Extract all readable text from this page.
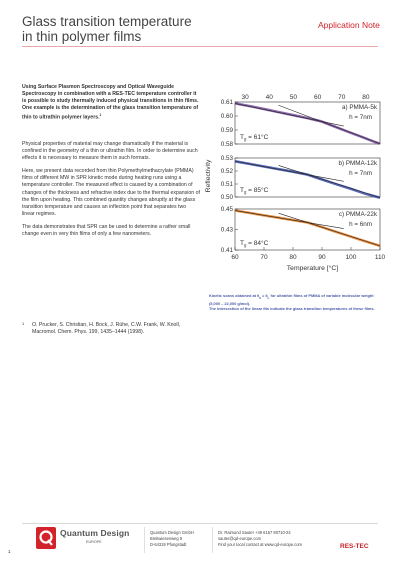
Glass transition temperature
in thin polymer films
Application Note
Using Surface Plasmon Spectroscopy and Optical Waveguide Spectroscopy in combination with a RES-TEC temperature controller it is possible to study thermally induced physical transitions in thin films. One example is the determination of the glass transition temperature of thin to ultrathin polymer layers.$^1$

Physical properties of material may change dramatically if the material is confined in the geometry of a thin or ultrathin film. In order to determine such effects it is necessary to measure them in such formats.

Here, we present data recorded from thin Polymethylmethacrylate (PMMA) films of different MW in SPR kinetic mode during heating runs using a temperature controller. The measured effect is caused by a combination of changes of the thickness and refractive index due to the thermal expansion of the film upon heating. This combined quantity changes abruptly at the glass transition temperature and causes an inflection point that separates two linear regimes.

The data demonstrates that SPR can be used to determine a rather small change even in very thin films of only a few nanometers.

1 O. Prucker, S. Christian, H. Bock, J. Rühe, C.W. Frank, W. Knoll, Macromol. Chem. Phys. 199, 1435–1444 (1998).
30	40	50	60	70	80
0.61
0.60
0.59
0.58
a) PMMA-5k
h = 7nm
$T_g = 61^\circ C$
0.53
0.52
0.51
0.50
b) PMMA-12k
h = 7nm
$T_g = 85^\circ C$
0.45
0.43
0.41
c) PMMA-22k
h = 6nm
$T_g = 84^\circ C$
60	70	80	90	100	110
Temperature [°C]
Reflectivity
Kinetic scans obtained at $\theta_s = \theta_L$ for ultrathin films of PMMA of variable molecular weight (5,000 – 22,000 g/mol).
The intersection of the linear fits indicate the glass transition temperatures of these films.
Quantum Design
EUROPE
Quantum Design GmbH
Breitwiesenweg 9
D-64319 Pfungstadt
Dr. Raimund Sauter +49 6157 80710-24
sauter@qd-europe.com
Find your local contact at www.qd-europe.com	RES-TEC
1
